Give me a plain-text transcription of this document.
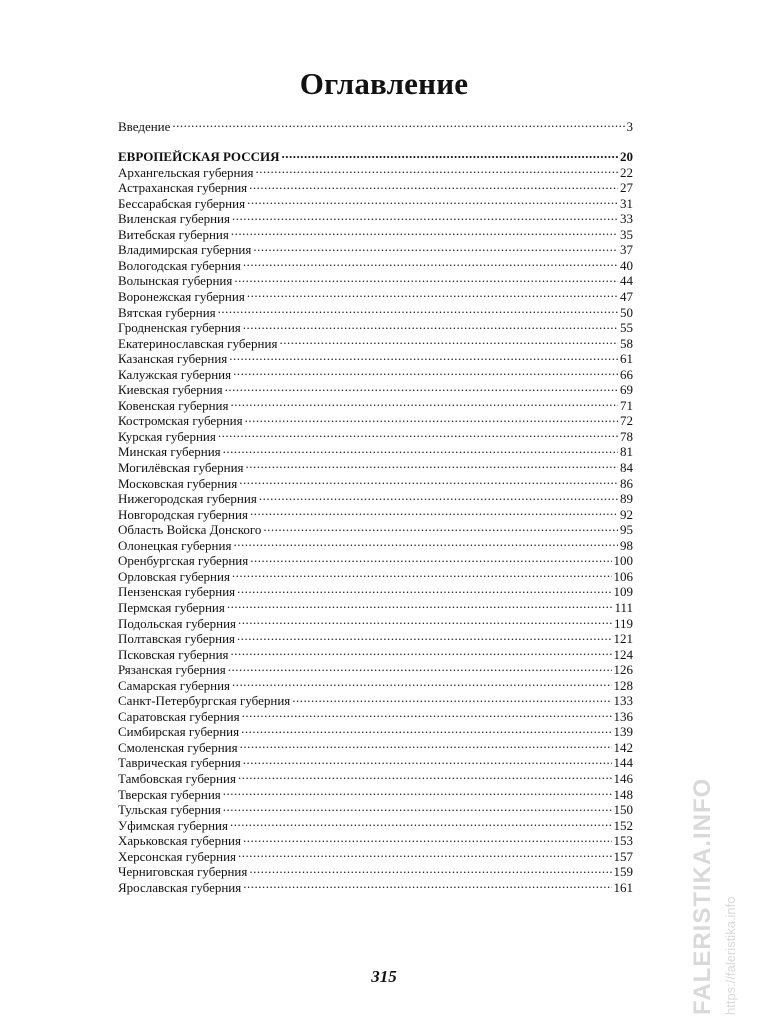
Оглавление
Введение .....	3
ЕВРОПЕЙСКАЯ РОССИЯ .....	20
Архангельская губерния .....	22
Астраханская губерния .....	27
Бессарабская губерния .....	31
Виленская губерния .....	33
Витебская губерния .....	35
Владимирская губерния .....	37
Вологодская губерния .....	40
Волынская губерния .....	44
Воронежская губерния .....	47
Вятская губерния .....	50
Гродненская губерния .....	55
Екатеринославская губерния .....	58
Казанская губерния .....	61
Калужская губерния .....	66
Киевская губерния .....	69
Ковенская губерния .....	71
Костромская губерния .....	72
Курская губерния .....	78
Минская губерния .....	81
Могилёвская губерния .....	84
Московская губерния .....	86
Нижегородская губерния .....	89
Новгородская губерния .....	92
Область Войска Донского .....	95
Олонецкая губерния .....	98
Оренбургская губерния .....	100
Орловская губерния .....	106
Пензенская губерния .....	109
Пермская губерния .....	111
Подольская губерния .....	119
Полтавская губерния .....	121
Псковская губерния .....	124
Рязанская губерния .....	126
Самарская губерния .....	128
Санкт-Петербургская губерния .....	133
Саратовская губерния .....	136
Симбирская губерния .....	139
Смоленская губерния .....	142
Таврическая губерния .....	144
Тамбовская губерния .....	146
Тверская губерния .....	148
Тульская губерния .....	150
Уфимская губерния .....	152
Харьковская губерния .....	153
Херсонская губерния .....	157
Черниговская губерния .....	159
Ярославская губерния .....	161
315	FALERISTIKA.INFO https://faleristika.info
